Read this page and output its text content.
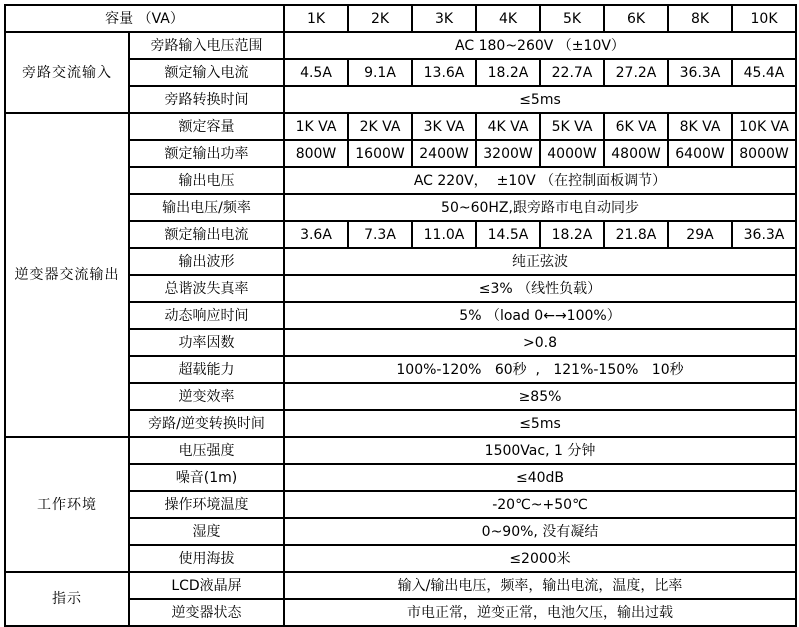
容量 （VA）		1K	2K	3K	4K	5K	6K	8K	10K
旁路交流输入	旁路输入电压范围	AC 180~260V （±10V）							
	额定输入电流	4.5A	9.1A	13.6A	18.2A	22.7A	27.2A	36.3A	45.4A
	旁路转换时间	≤5ms							
逆变器交流输出	额定容量	1K VA	2K VA	3K VA	4K VA	5K VA	6K VA	8K VA	10K VA
	额定输出功率	800W	1600W	2400W	3200W	4000W	4800W	6400W	8000W
	输出电压	AC 220V，  ±10V （在控制面板调节）							
	输出电压/频率	50~60HZ,跟旁路市电自动同步							
	额定输出电流	3.6A	7.3A	11.0A	14.5A	18.2A	21.8A	29A	36.3A
	输出波形	纯正弦波							
	总谐波失真率	≤3% （线性负载）							
	动态响应时间	5% （load 0←→100%）							
	功率因数	>0.8							
	超载能力	100%-120%   60秒  ,   121%-150%   10秒							
	逆变效率	≥85%							
	旁路/逆变转换时间	≤5ms							
工作环境	电压强度	1500Vac, 1 分钟							
	噪音(1m)	≤40dB							
	操作环境温度	-20℃~+50℃							
	湿度	0~90%, 没有凝结							
	使用海拔	≤2000米							
指示	LCD液晶屏	输入/输出电压，频率，输出电流，温度，比率							
	逆变器状态	市电正常，逆变正常，电池欠压，输出过载							
